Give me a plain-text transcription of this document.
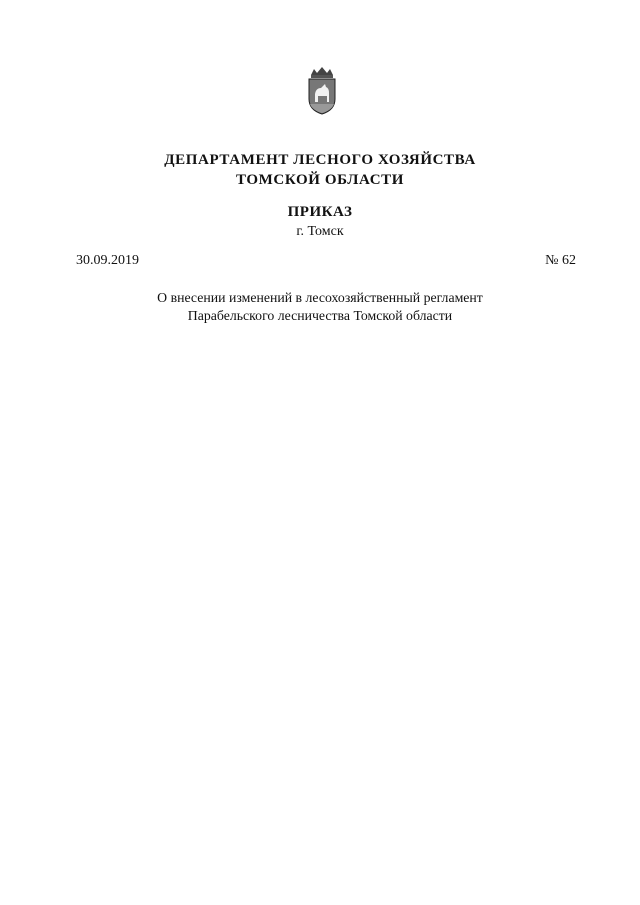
ДЕПАРТАМЕНТ ЛЕСНОГО ХОЗЯЙСТВА
ТОМСКОЙ ОБЛАСТИ
ПРИКАЗ
г. Томск
30.09.2019	№ 62
О внесении изменений в лесохозяйственный регламент
Парабельского лесничества Томской области
